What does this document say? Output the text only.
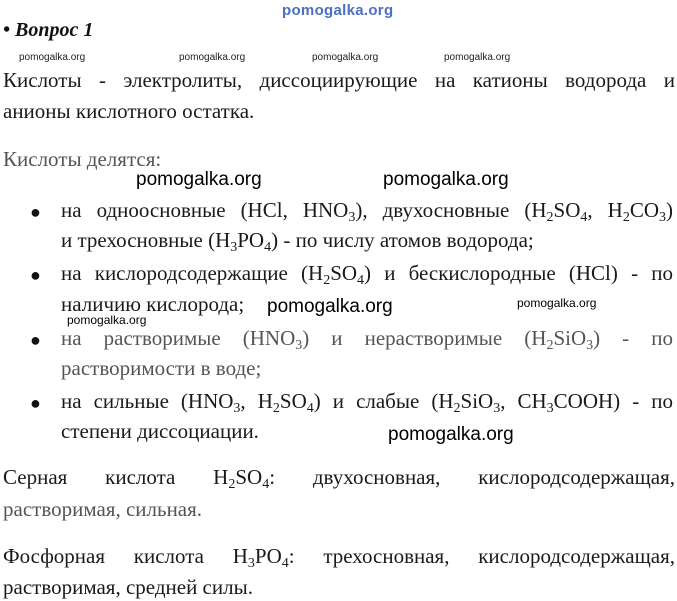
pomogalka.org
• Вопрос 1
pomogalka.org	pomogalka.org	pomogalka.org	pomogalka.org
Кислоты - электролиты, диссоциирующие на катионы водорода и
анионы кислотного остатка.
Кислоты делятся:
pomogalka.org	pomogalka.org
● на одноосновные (HCl, $HNO_3$), двухосновные ($H_2SO_4$, $H_2CO_3$)
и трехосновные $(H_3PO_4)$ - по числу атомов водорода;
● на кислородсодержащие $(H_2SO_4)$ и бескислородные (HCl) - по
наличию кислорода; pomogalka.org	pomogalka.org
pomogalka.org
● на растворимые $(HNO_3)$ и нерастворимые $(H_2SiO_3)$ - по
растворимости в воде;
● на сильные ($HNO_3$, $H_2SO_4$) и слабые ($H_2SiO_3$, $CH_3COOH$) - по
степени диссоциации.	pomogalka.org
Серная кислота $H_2SO_4$: двухосновная, кислородсодержащая,
растворимая, сильная.
Фосфорная кислота $H_3PO_4$: трехосновная, кислородсодержащая,
растворимая, средней силы.
